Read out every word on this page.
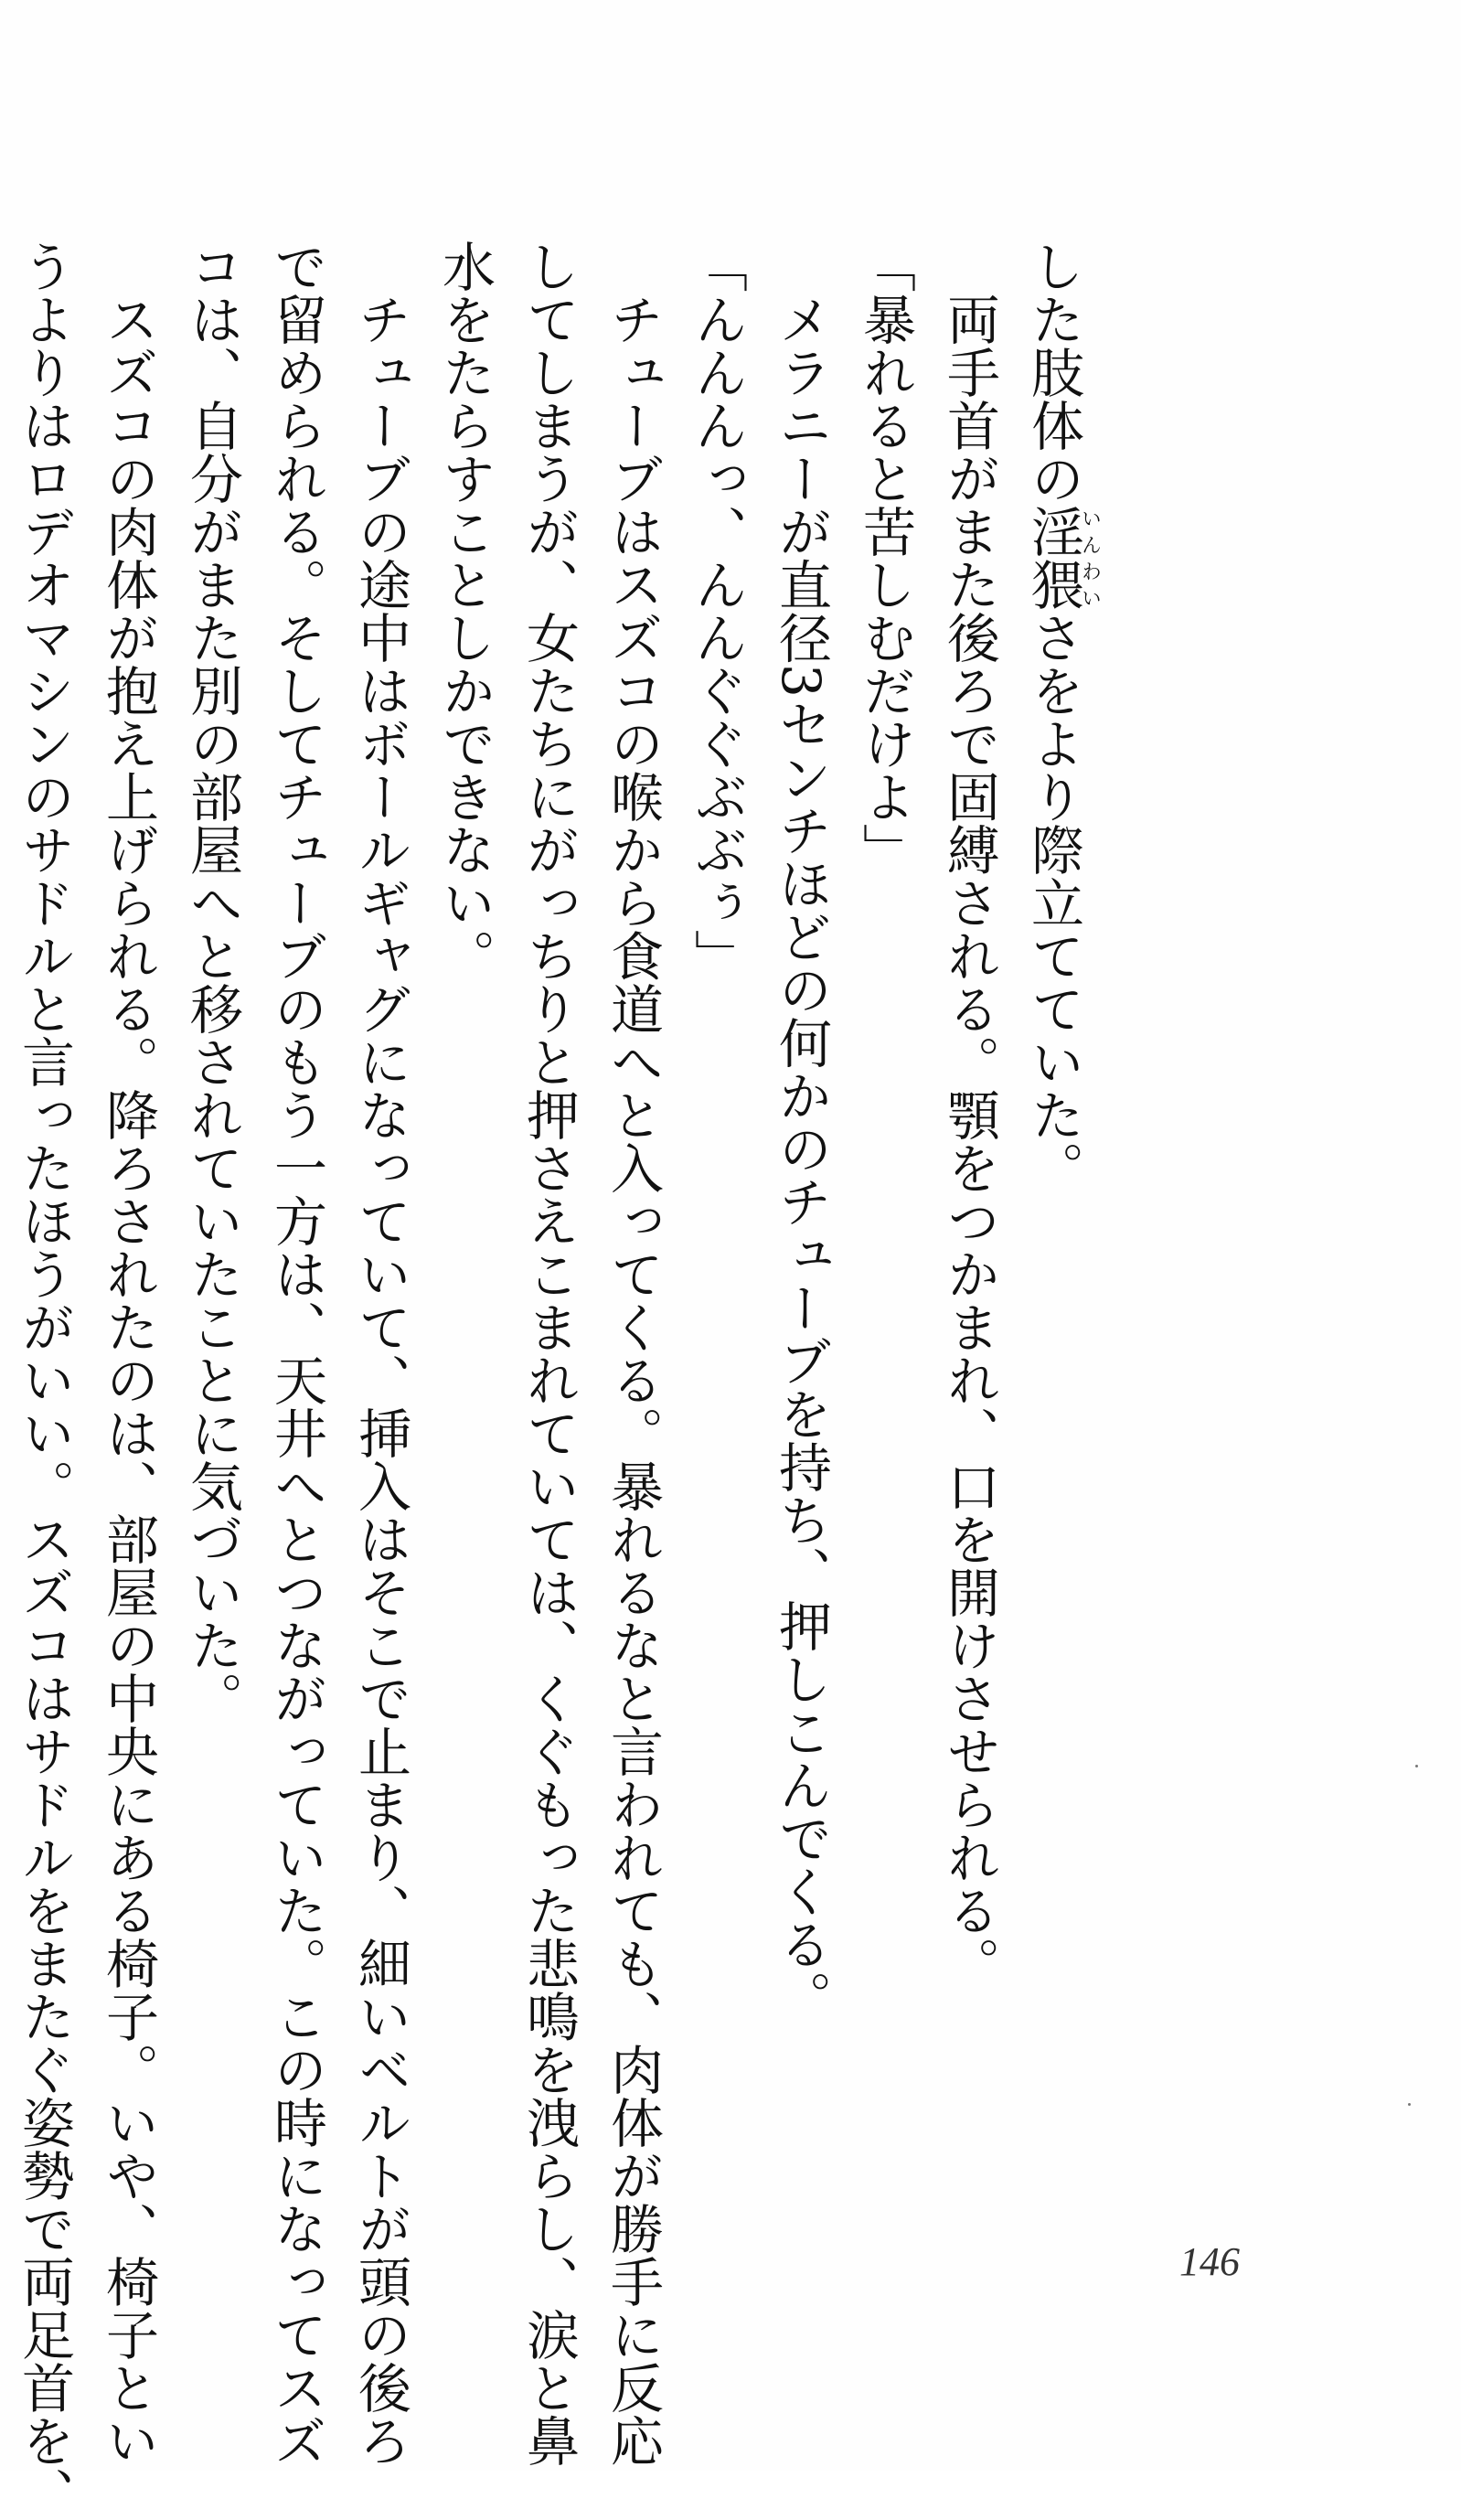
した肢体の淫猥いんわいさをより際立てていた。
両手首がまた後ろで固縛される。顎をつかまれ、口を開けさせられる。
「暴れると苦しむだけよ」
メラニーが直径3センチほどの何かのチューブを持ち、押しこんでくる。
「んんんっ、んんぐぐぶぶぅ」
チューブはスズコの喉から食道へと入ってくる。暴れるなと言われても、肉体が勝手に反応
してしまうが、女たちにがっちりと押さえこまれていては、くぐもった悲鳴を洩らし、涙と鼻
水をたらすことしかできない。
チューブの途中はボールギャグになっていて、挿入はそこで止まり、細いベルトが頭の後ろ
で留められる。そしてチューブのもう一方は、天井へとつながっていた。この時になってスズ
コは、自分がまた別の部屋へと移されていたことに気づいた。
スズコの肉体が抱え上げられる。降ろされたのは、部屋の中央にある椅子。いや、椅子とい
うよりはロデオマシンのサドルと言ったほうがいい。スズコはサドルをまたぐ姿勢で両足首を、	146
